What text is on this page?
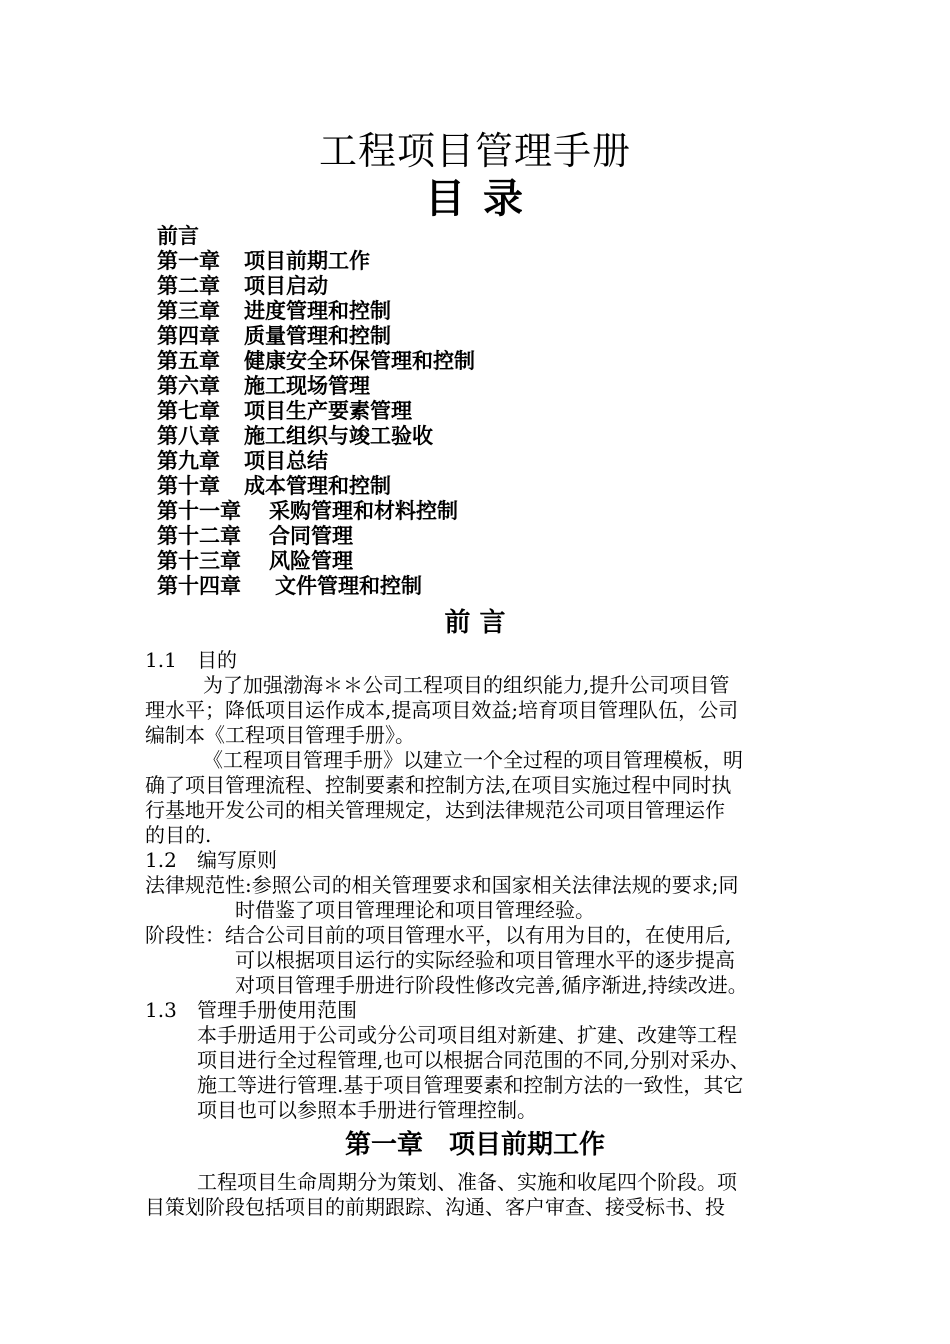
工程项目管理手册
目 录
前言
第一章 项目前期工作
第二章 项目启动
第三章 进度管理和控制
第四章 质量管理和控制
第五章 健康安全环保管理和控制
第六章 施工现场管理
第七章 项目生产要素管理
第八章 施工组织与竣工验收
第九章 项目总结
第十章 成本管理和控制
第十一章 采购管理和材料控制
第十二章 合同管理
第十三章 风险管理
第十四章 文件管理和控制
前 言
1.1 目的
为了加强渤海＊＊公司工程项目的组织能力,提升公司项目管
理水平；降低项目运作成本,提高项目效益;培育项目管理队伍，公司
编制本《工程项目管理手册》。
《工程项目管理手册》以建立一个全过程的项目管理模板，明
确了项目管理流程、控制要素和控制方法,在项目实施过程中同时执
行基地开发公司的相关管理规定，达到法律规范公司项目管理运作
的目的.
1.2 编写原则
法律规范性:参照公司的相关管理要求和国家相关法律法规的要求;同
时借鉴了项目管理理论和项目管理经验。
阶段性：结合公司目前的项目管理水平，以有用为目的，在使用后,
可以根据项目运行的实际经验和项目管理水平的逐步提高
对项目管理手册进行阶段性修改完善,循序渐进,持续改进。
1.3 管理手册使用范围
本手册适用于公司或分公司项目组对新建、扩建、改建等工程
项目进行全过程管理,也可以根据合同范围的不同,分别对采办、
施工等进行管理.基于项目管理要素和控制方法的一致性，其它
项目也可以参照本手册进行管理控制。
第一章　项目前期工作
工程项目生命周期分为策划、准备、实施和收尾四个阶段。项
目策划阶段包括项目的前期跟踪、沟通、客户审查、接受标书、投
